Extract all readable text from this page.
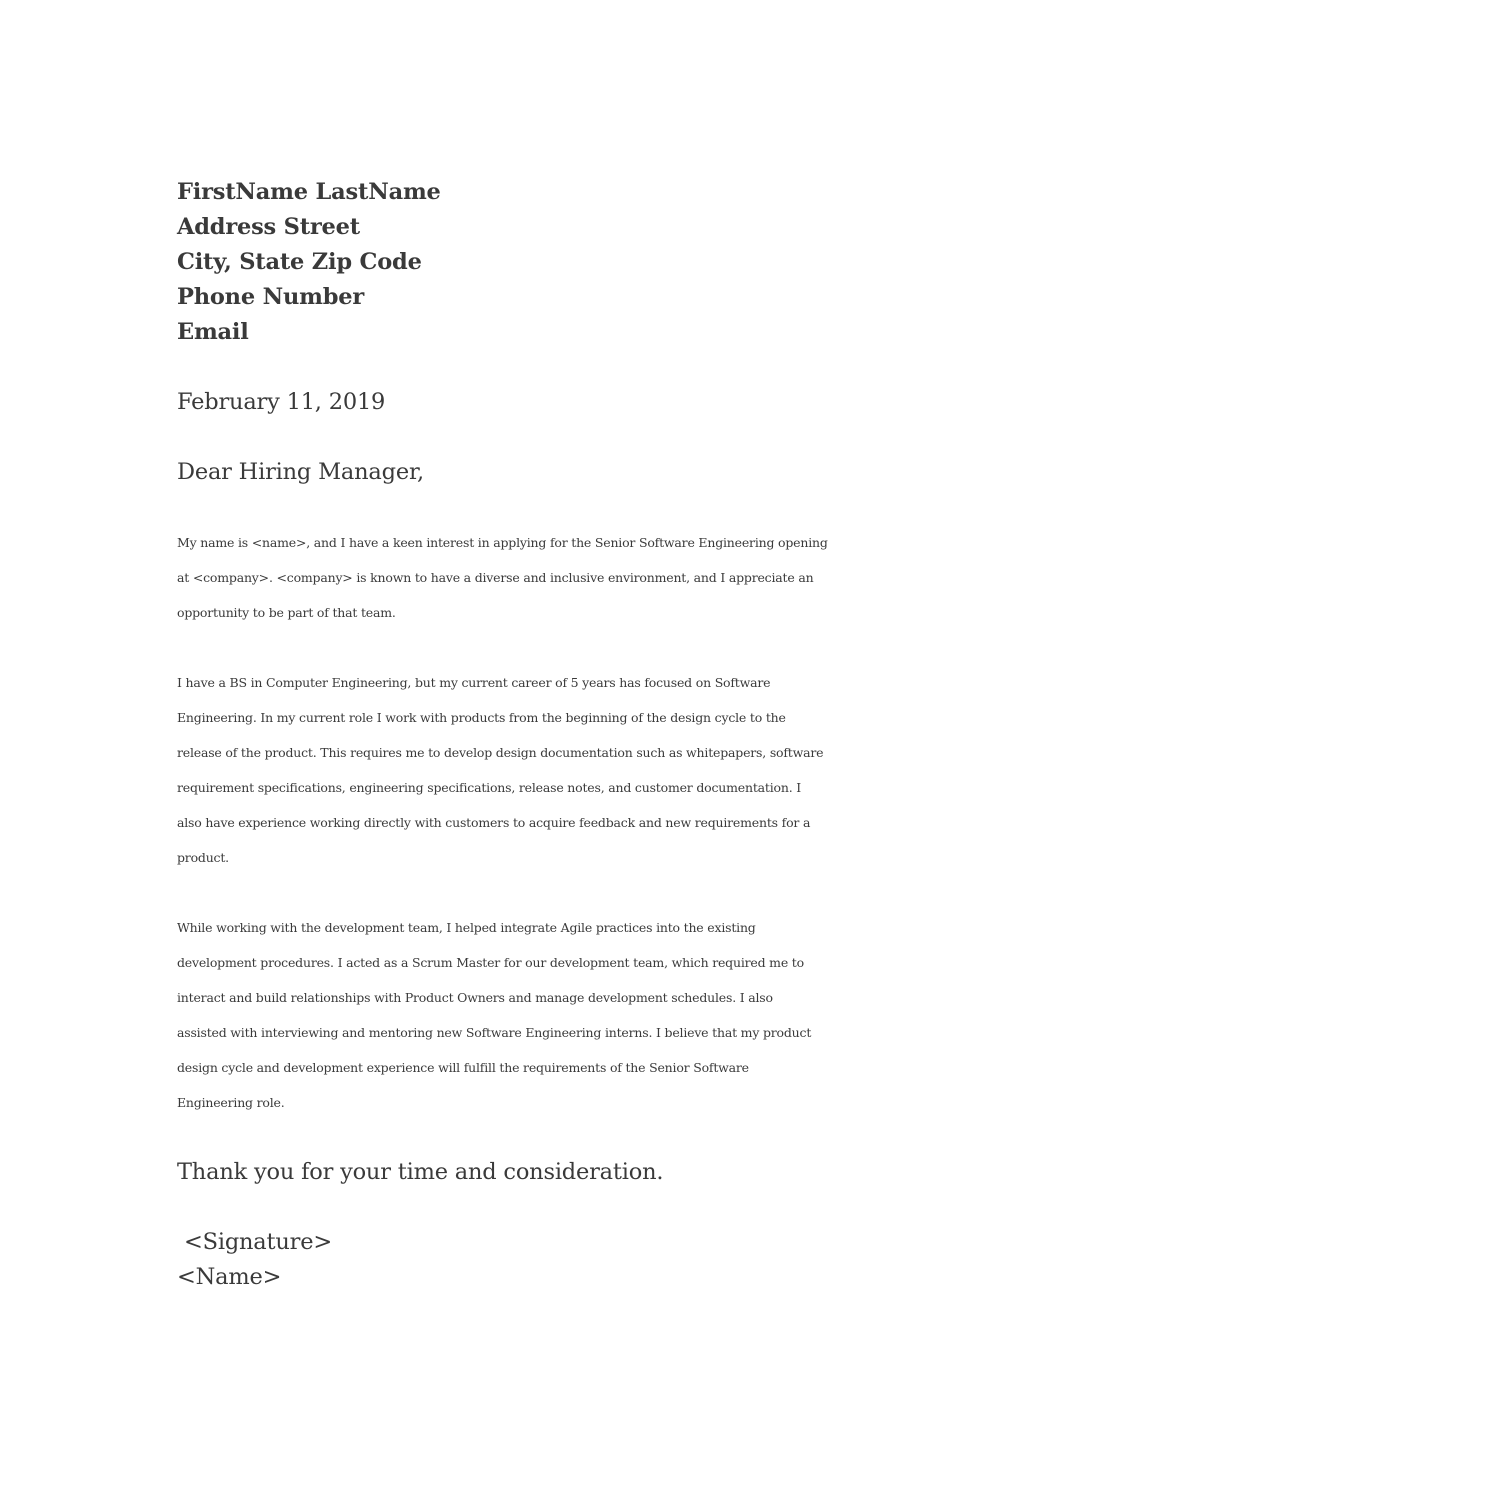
FirstName LastName
Address Street
City, State Zip Code
Phone Number
Email
February 11, 2019
Dear Hiring Manager,
My name is <name>, and I have a keen interest in applying for the Senior Software Engineering opening
at <company>. <company> is known to have a diverse and inclusive environment, and I appreciate an
opportunity to be part of that team.
I have a BS in Computer Engineering, but my current career of 5 years has focused on Software
Engineering. In my current role I work with products from the beginning of the design cycle to the
release of the product. This requires me to develop design documentation such as whitepapers, software
requirement specifications, engineering specifications, release notes, and customer documentation. I
also have experience working directly with customers to acquire feedback and new requirements for a
product.
While working with the development team, I helped integrate Agile practices into the existing
development procedures. I acted as a Scrum Master for our development team, which required me to
interact and build relationships with Product Owners and manage development schedules. I also
assisted with interviewing and mentoring new Software Engineering interns. I believe that my product
design cycle and development experience will fulfill the requirements of the Senior Software
Engineering role.
Thank you for your time and consideration.
<Signature>
<Name>
